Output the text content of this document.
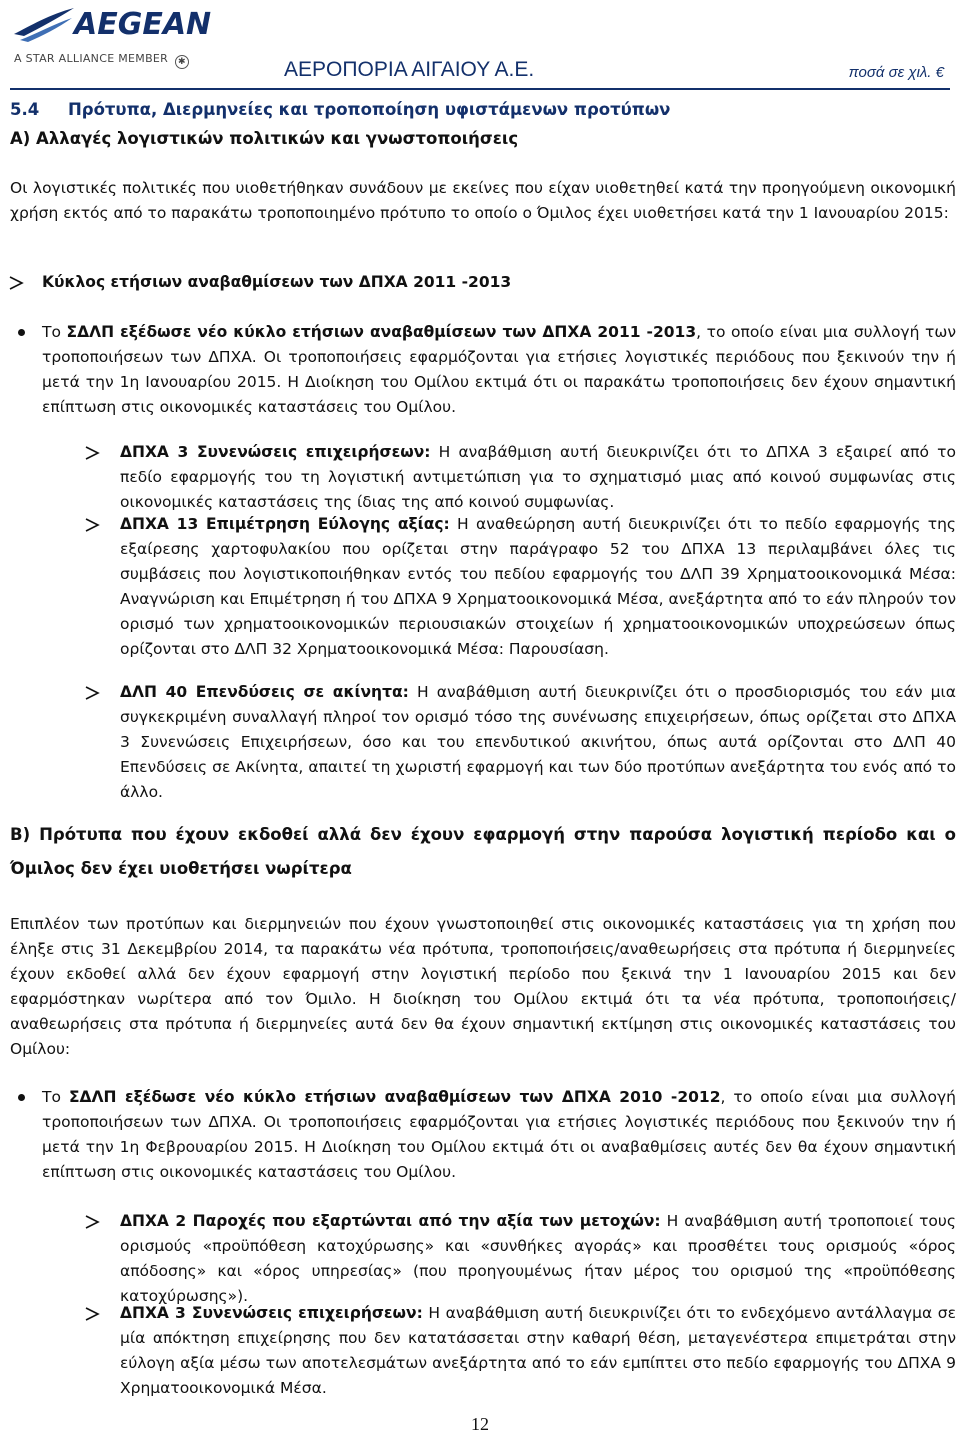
AEGEAN
A STAR ALLIANCE MEMBER ✱	ΑΕΡΟΠΟΡΙΑ ΑΙΓΑΙΟΥ Α.Ε.	ποσά σε χιλ. €
5.4     Πρότυπα, Διερμηνείες και τροποποίηση υφιστάμενων προτύπων
Α) Αλλαγές λογιστικών πολιτικών και γνωστοποιήσεις
Οι λογιστικές πολιτικές που υιοθετήθηκαν συνάδουν με εκείνες που είχαν υιοθετηθεί κατά την προηγούμενη οικονομική χρήση εκτός από το παρακάτω τροποποιημένο πρότυπο το οποίο ο Όμιλος έχει υιοθετήσει κατά την 1 Ιανουαρίου 2015:
Κύκλος ετήσιων αναβαθμίσεων των ΔΠΧΑ 2011 -2013
Το ΣΔΛΠ εξέδωσε νέο κύκλο ετήσιων αναβαθμίσεων των ΔΠΧΑ 2011 -2013, το οποίο είναι μια συλλογή των τροποποιήσεων των ΔΠΧΑ. Οι τροποποιήσεις εφαρμόζονται για ετήσιες λογιστικές περιόδους που ξεκινούν την ή μετά την 1η Ιανουαρίου 2015. Η Διοίκηση του Ομίλου εκτιμά ότι οι παρακάτω τροποποιήσεις δεν έχουν σημαντική επίπτωση στις οικονομικές καταστάσεις του Ομίλου.
ΔΠΧΑ 3 Συνενώσεις επιχειρήσεων: Η αναβάθμιση αυτή διευκρινίζει ότι το ΔΠΧΑ 3 εξαιρεί από το πεδίο εφαρμογής του τη λογιστική αντιμετώπιση για το σχηματισμό μιας από κοινού συμφωνίας στις οικονομικές καταστάσεις της ίδιας της από κοινού συμφωνίας.
ΔΠΧΑ 13 Επιμέτρηση Εύλογης αξίας: Η αναθεώρηση αυτή διευκρινίζει ότι το πεδίο εφαρμογής της εξαίρεσης χαρτοφυλακίου που ορίζεται στην παράγραφο 52 του ΔΠΧΑ 13 περιλαμβάνει όλες τις συμβάσεις που λογιστικοποιήθηκαν εντός του πεδίου εφαρμογής του ΔΛΠ 39 Χρηματοοικονομικά Μέσα: Αναγνώριση και Επιμέτρηση ή του ΔΠΧΑ 9 Χρηματοοικονομικά Μέσα, ανεξάρτητα από το εάν πληρούν τον ορισμό των χρηματοοικονομικών περιουσιακών στοιχείων ή χρηματοοικονομικών υποχρεώσεων όπως ορίζονται στο ΔΛΠ 32 Χρηματοοικονομικά Μέσα: Παρουσίαση.
ΔΛΠ 40 Επενδύσεις σε ακίνητα: Η αναβάθμιση αυτή διευκρινίζει ότι ο προσδιορισμός του εάν μια συγκεκριμένη συναλλαγή πληροί τον ορισμό τόσο της συνένωσης επιχειρήσεων, όπως ορίζεται στο ΔΠΧΑ 3 Συνενώσεις Επιχειρήσεων, όσο και του επενδυτικού ακινήτου, όπως αυτά ορίζονται στο ΔΛΠ 40 Επενδύσεις σε Ακίνητα, απαιτεί τη χωριστή εφαρμογή και των δύο προτύπων ανεξάρτητα του ενός από το άλλο.
Β) Πρότυπα που έχουν εκδοθεί αλλά δεν έχουν εφαρμογή στην παρούσα λογιστική περίοδο και ο Όμιλος δεν έχει υιοθετήσει νωρίτερα
Επιπλέον των προτύπων και διερμηνειών που έχουν γνωστοποιηθεί στις οικονομικές καταστάσεις για τη χρήση που έληξε στις 31 Δεκεμβρίου 2014, τα παρακάτω νέα πρότυπα, τροποποιήσεις/αναθεωρήσεις στα πρότυπα ή διερμηνείες έχουν εκδοθεί αλλά δεν έχουν εφαρμογή στην λογιστική περίοδο που ξεκινά την 1 Ιανουαρίου 2015 και δεν εφαρμόστηκαν νωρίτερα από τον Όμιλο. Η διοίκηση του Ομίλου εκτιμά ότι τα νέα πρότυπα, τροποποιήσεις/αναθεωρήσεις στα πρότυπα ή διερμηνείες αυτά δεν θα έχουν σημαντική εκτίμηση στις οικονομικές καταστάσεις του Ομίλου:
Το ΣΔΛΠ εξέδωσε νέο κύκλο ετήσιων αναβαθμίσεων των ΔΠΧΑ 2010 -2012, το οποίο είναι μια συλλογή τροποποιήσεων των ΔΠΧΑ. Οι τροποποιήσεις εφαρμόζονται για ετήσιες λογιστικές περιόδους που ξεκινούν την ή μετά την 1η Φεβρουαρίου 2015. Η Διοίκηση του Ομίλου εκτιμά ότι οι αναβαθμίσεις αυτές δεν θα έχουν σημαντική επίπτωση στις οικονομικές καταστάσεις του Ομίλου.
ΔΠΧΑ 2 Παροχές που εξαρτώνται από την αξία των μετοχών: Η αναβάθμιση αυτή τροποποιεί τους ορισμούς «προϋπόθεση κατοχύρωσης» και «συνθήκες αγοράς» και προσθέτει τους ορισμούς «όρος απόδοσης» και «όρος υπηρεσίας» (που προηγουμένως ήταν μέρος του ορισμού της «προϋπόθεσης κατοχύρωσης»).
ΔΠΧΑ 3 Συνενώσεις επιχειρήσεων: Η αναβάθμιση αυτή διευκρινίζει ότι το ενδεχόμενο αντάλλαγμα σε μία απόκτηση επιχείρησης που δεν κατατάσσεται στην καθαρή θέση, μεταγενέστερα επιμετράται στην εύλογη αξία μέσω των αποτελεσμάτων ανεξάρτητα από το εάν εμπίπτει στο πεδίο εφαρμογής του ΔΠΧΑ 9 Χρηματοοικονομικά Μέσα.
12
